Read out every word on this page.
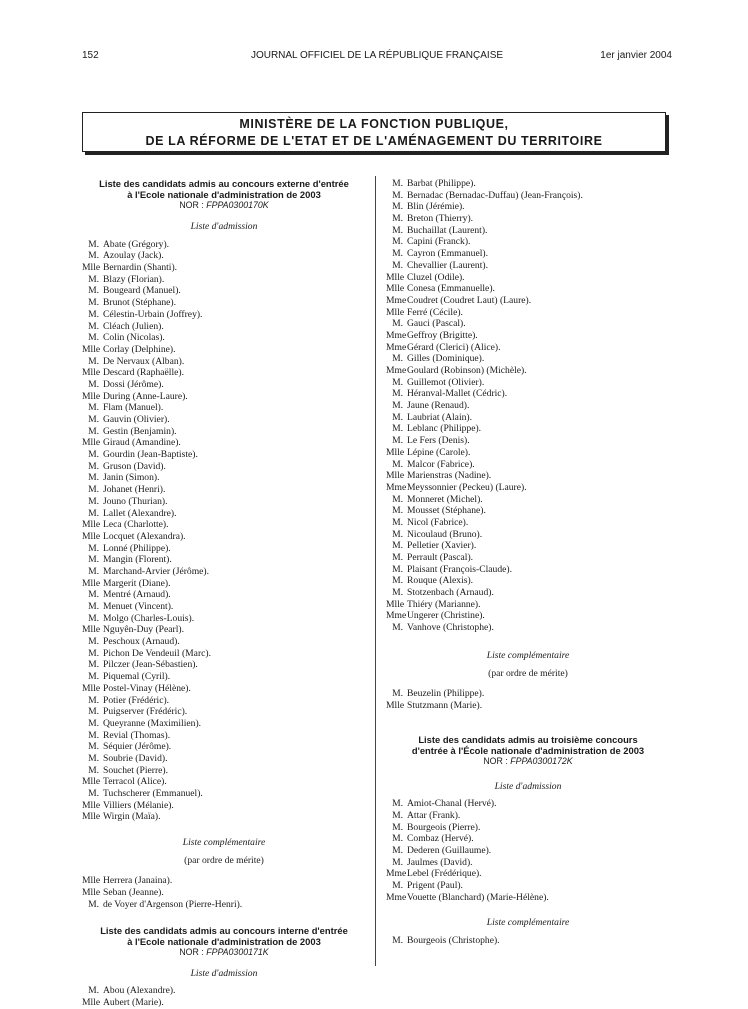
152	JOURNAL OFFICIEL DE LA RÉPUBLIQUE FRANÇAISE	1er janvier 2004
MINISTÈRE DE LA FONCTION PUBLIQUE,
DE LA RÉFORME DE L'ETAT ET DE L'AMÉNAGEMENT DU TERRITOIRE
Liste des candidats admis au concours externe d'entrée
à l'Ecole nationale d'administration de 2003
NOR : FPPA0300170K
Liste d'admission
M. Abate (Grégory).
M. Azoulay (Jack).
Mlle Bernardin (Shanti).
M. Blazy (Florian).
M. Bougeard (Manuel).
M. Brunot (Stéphane).
M. Célestin-Urbain (Joffrey).
M. Cléach (Julien).
M. Colin (Nicolas).
Mlle Corlay (Delphine).
M. De Nervaux (Alban).
Mlle Descard (Raphaëlle).
M. Dossi (Jérôme).
Mlle During (Anne-Laure).
M. Flam (Manuel).
M. Gauvin (Olivier).
M. Gestin (Benjamin).
Mlle Giraud (Amandine).
M. Gourdin (Jean-Baptiste).
M. Gruson (David).
M. Janin (Simon).
M. Johanet (Henri).
M. Jouno (Thurian).
M. Lallet (Alexandre).
Mlle Leca (Charlotte).
Mlle Locquet (Alexandra).
M. Lonné (Philippe).
M. Mangin (Florent).
M. Marchand-Arvier (Jérôme).
Mlle Margerit (Diane).
M. Mentré (Arnaud).
M. Menuet (Vincent).
M. Molgo (Charles-Louis).
Mlle Nguyên-Duy (Pearl).
M. Peschoux (Arnaud).
M. Pichon De Vendeuil (Marc).
M. Pilczer (Jean-Sébastien).
M. Piquemal (Cyril).
Mlle Postel-Vinay (Hélène).
M. Potier (Frédéric).
M. Puigserver (Frédéric).
M. Queyranne (Maximilien).
M. Revial (Thomas).
M. Séquier (Jérôme).
M. Soubrie (David).
M. Souchet (Pierre).
Mlle Terracol (Alice).
M. Tuchscherer (Emmanuel).
Mlle Villiers (Mélanie).
Mlle Wirgin (Maïa).
Liste complémentaire
(par ordre de mérite)
Mlle Herrera (Janaina).
Mlle Seban (Jeanne).
M. de Voyer d'Argenson (Pierre-Henri).
Liste des candidats admis au concours interne d'entrée
à l'Ecole nationale d'administration de 2003
NOR : FPPA0300171K
Liste d'admission
M. Abou (Alexandre).
Mlle Aubert (Marie).
M. Barbat (Philippe).
M. Bernadac (Bernadac-Duffau) (Jean-François).
M. Blin (Jérémie).
M. Breton (Thierry).
M. Buchaillat (Laurent).
M. Capini (Franck).
M. Cayron (Emmanuel).
M. Chevallier (Laurent).
Mlle Cluzel (Odile).
Mlle Conesa (Emmanuelle).
MmeCoudret (Coudret Laut) (Laure).
Mlle Ferré (Cécile).
M. Gauci (Pascal).
MmeGeffroy (Brigitte).
MmeGérard (Clerici) (Alice).
M. Gilles (Dominique).
MmeGoulard (Robinson) (Michèle).
M. Guillemot (Olivier).
M. Héranval-Mallet (Cédric).
M. Jaune (Renaud).
M. Laubriat (Alain).
M. Leblanc (Philippe).
M. Le Fers (Denis).
Mlle Lépine (Carole).
M. Malcor (Fabrice).
Mlle Marienstras (Nadine).
MmeMeyssonnier (Peckeu) (Laure).
M. Monneret (Michel).
M. Mousset (Stéphane).
M. Nicol (Fabrice).
M. Nicoulaud (Bruno).
M. Pelletier (Xavier).
M. Perrault (Pascal).
M. Plaisant (François-Claude).
M. Rouque (Alexis).
M. Stotzenbach (Arnaud).
Mlle Thiéry (Marianne).
MmeUngerer (Christine).
M. Vanhove (Christophe).
Liste complémentaire
(par ordre de mérite)
M. Beuzelin (Philippe).
Mlle Stutzmann (Marie).
Liste des candidats admis au troisième concours
d'entrée à l'École nationale d'administration de 2003
NOR : FPPA0300172K
Liste d'admission
M. Amiot-Chanal (Hervé).
M. Attar (Frank).
M. Bourgeois (Pierre).
M. Combaz (Hervé).
M. Dederen (Guillaume).
M. Jaulmes (David).
MmeLebel (Frédérique).
M. Prigent (Paul).
MmeVouette (Blanchard) (Marie-Hélène).
Liste complémentaire
M. Bourgeois (Christophe).
